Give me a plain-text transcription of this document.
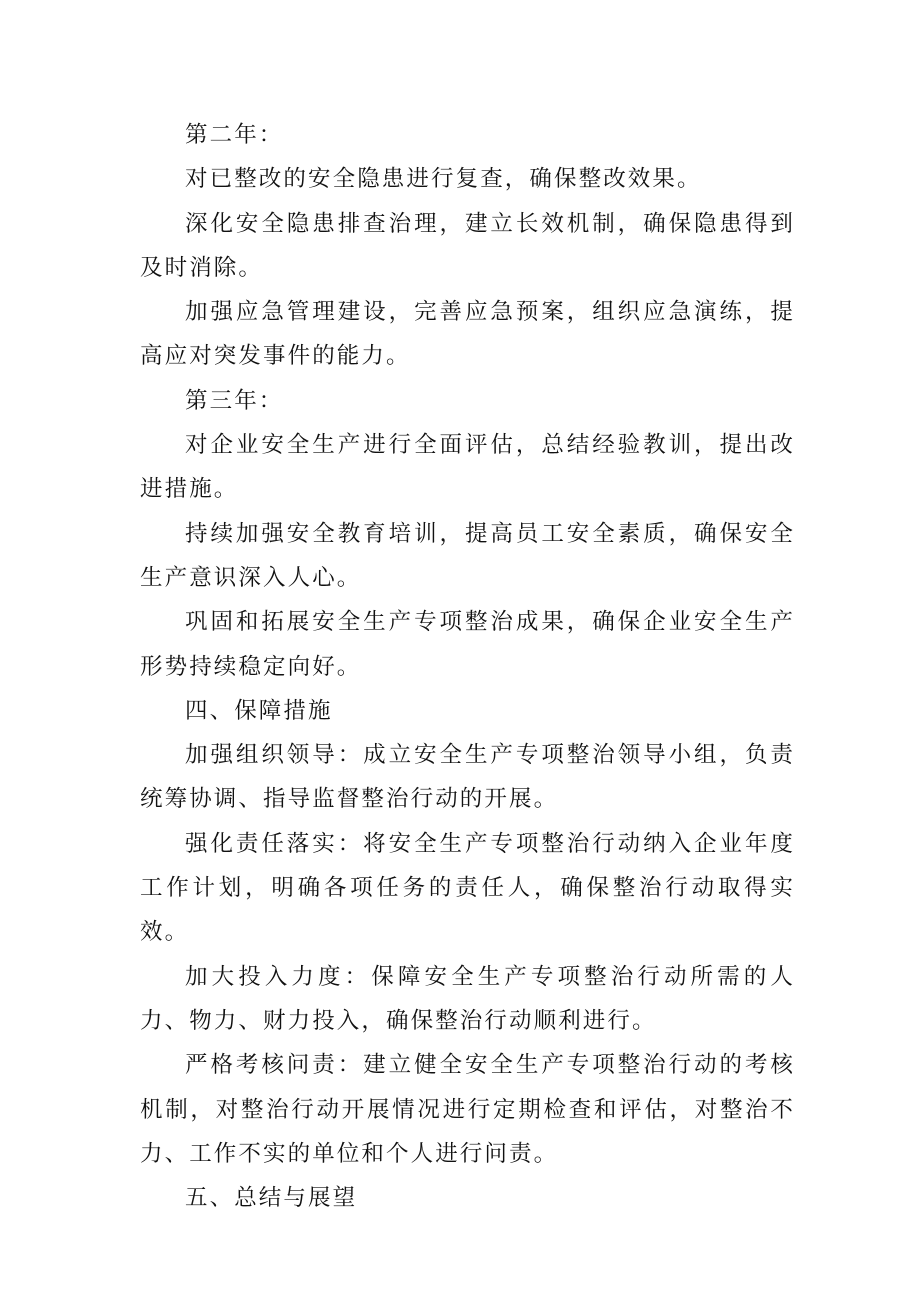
第二年：

对已整改的安全隐患进行复查，确保整改效果。

深化安全隐患排查治理，建立长效机制，确保隐患得到及时消除。

加强应急管理建设，完善应急预案，组织应急演练，提高应对突发事件的能力。

第三年：

对企业安全生产进行全面评估，总结经验教训，提出改进措施。

持续加强安全教育培训，提高员工安全素质，确保安全生产意识深入人心。

巩固和拓展安全生产专项整治成果，确保企业安全生产形势持续稳定向好。

四、保障措施

加强组织领导：成立安全生产专项整治领导小组，负责统筹协调、指导监督整治行动的开展。

强化责任落实：将安全生产专项整治行动纳入企业年度工作计划，明确各项任务的责任人，确保整治行动取得实效。

加大投入力度：保障安全生产专项整治行动所需的人力、物力、财力投入，确保整治行动顺利进行。

严格考核问责：建立健全安全生产专项整治行动的考核机制，对整治行动开展情况进行定期检查和评估，对整治不力、工作不实的单位和个人进行问责。

五、总结与展望
